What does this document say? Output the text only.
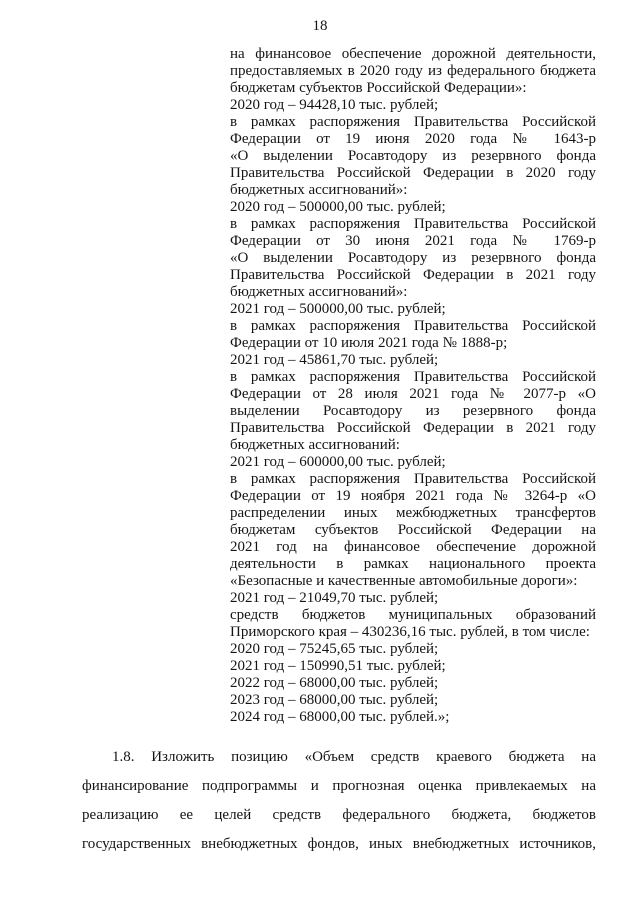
18
на финансовое обеспечение дорожной деятельности,
предоставляемых в 2020 году из федерального бюджета
бюджетам субъектов Российской Федерации»:
2020 год – 94428,10 тыс. рублей;
в рамках распоряжения Правительства Российской
Федерации от 19 июня 2020 года № 1643-р
«О выделении Росавтодору из резервного фонда
Правительства Российской Федерации в 2020 году
бюджетных ассигнований»:
2020 год – 500000,00 тыс. рублей;
в рамках распоряжения Правительства Российской
Федерации от 30 июня 2021 года № 1769-р
«О выделении Росавтодору из резервного фонда
Правительства Российской Федерации в 2021 году
бюджетных ассигнований»:
2021 год – 500000,00 тыс. рублей;
в рамках распоряжения Правительства Российской
Федерации от 10 июля 2021 года № 1888-р;
2021 год – 45861,70 тыс. рублей;
в рамках распоряжения Правительства Российской
Федерации от 28 июля 2021 года № 2077-р «О
выделении Росавтодору из резервного фонда
Правительства Российской Федерации в 2021 году
бюджетных ассигнований:
2021 год – 600000,00 тыс. рублей;
в рамках распоряжения Правительства Российской
Федерации от 19 ноября 2021 года № 3264-р «О
распределении иных межбюджетных трансфертов
бюджетам субъектов Российской Федерации на
2021 год на финансовое обеспечение дорожной
деятельности в рамках национального проекта
«Безопасные и качественные автомобильные дороги»:
2021 год – 21049,70 тыс. рублей;
средств бюджетов муниципальных образований
Приморского края – 430236,16 тыс. рублей, в том числе:
2020 год – 75245,65 тыс. рублей;
2021 год – 150990,51 тыс. рублей;
2022 год – 68000,00 тыс. рублей;
2023 год – 68000,00 тыс. рублей;
2024 год – 68000,00 тыс. рублей.»;
1.8. Изложить позицию «Объем средств краевого бюджета на
финансирование подпрограммы и прогнозная оценка привлекаемых на
реализацию ее целей средств федерального бюджета, бюджетов
государственных внебюджетных фондов, иных внебюджетных источников,
